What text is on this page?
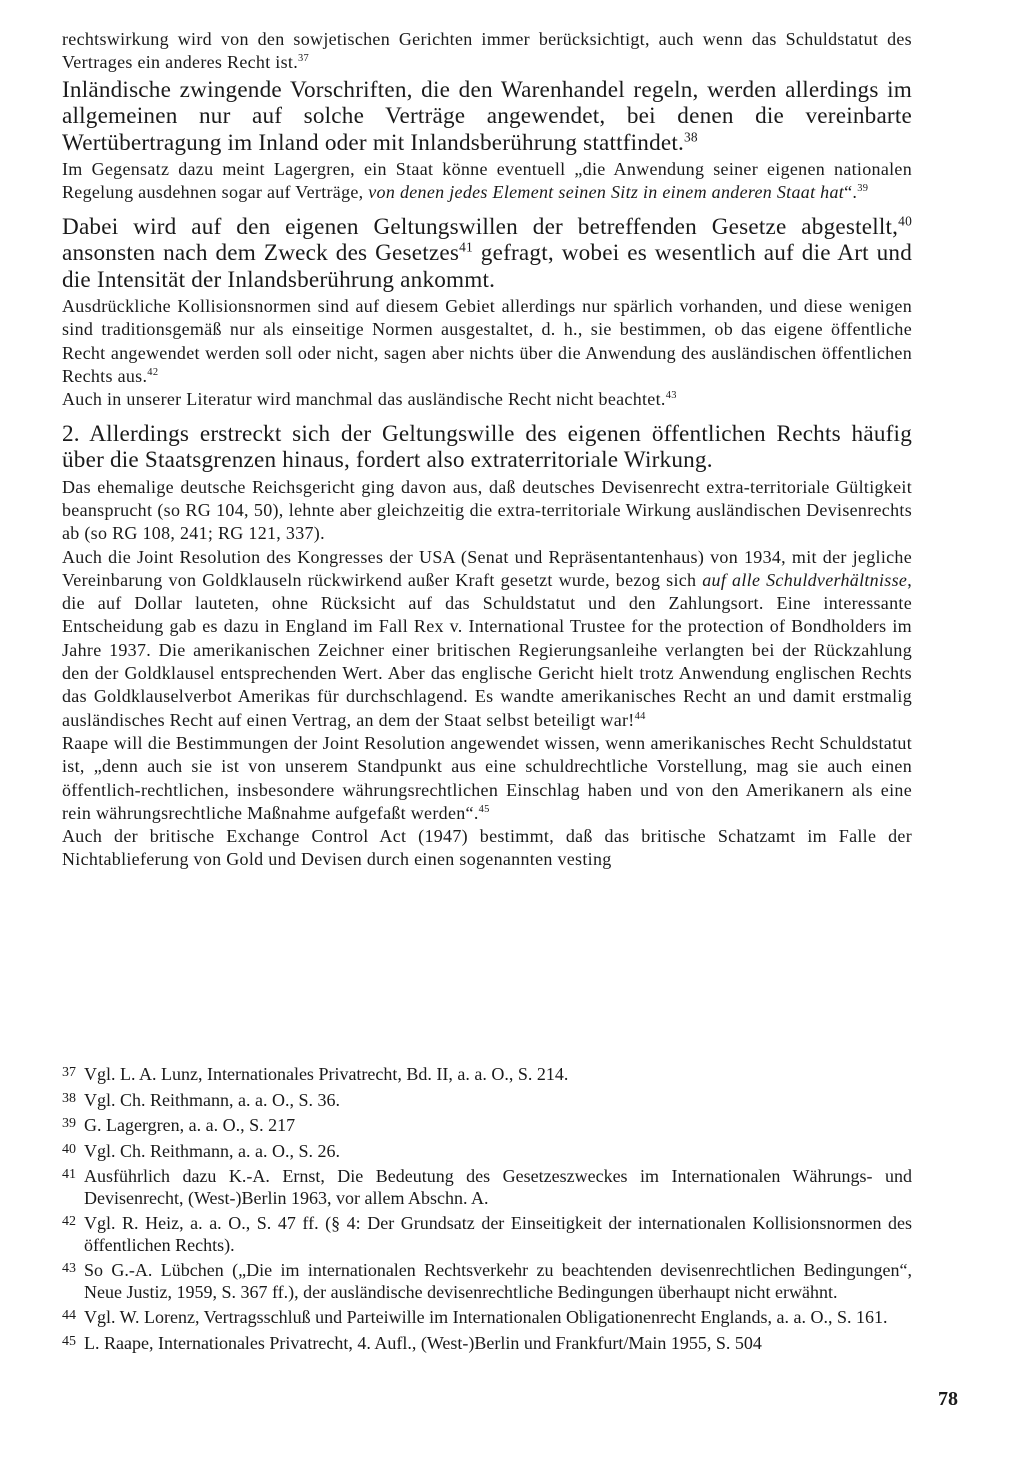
rechtswirkung wird von den sowjetischen Gerichten immer berücksichtigt, auch wenn das Schuldstatut des Vertrages ein anderes Recht ist.$^{37}$

Inländische zwingende Vorschriften, die den Warenhandel regeln, werden allerdings im allgemeinen nur auf solche Verträge angewendet, bei denen die vereinbarte Wertübertragung im Inland oder mit Inlandsberührung stattfindet.$^{38}$

Im Gegensatz dazu meint Lagergren, ein Staat könne eventuell „die Anwendung seiner eigenen nationalen Regelung ausdehnen sogar auf Verträge, von denen jedes Element seinen Sitz in einem anderen Staat hat“.$^{39}$

Dabei wird auf den eigenen Geltungswillen der betreffenden Gesetze abgestellt,$^{40}$ ansonsten nach dem Zweck des Gesetzes$^{41}$ gefragt, wobei es wesentlich auf die Art und die Intensität der Inlandsberührung ankommt.

Ausdrückliche Kollisionsnormen sind auf diesem Gebiet allerdings nur spärlich vorhanden, und diese wenigen sind traditionsgemäß nur als einseitige Normen ausgestaltet, d. h., sie bestimmen, ob das eigene öffentliche Recht angewendet werden soll oder nicht, sagen aber nichts über die Anwendung des ausländischen öffentlichen Rechts aus.$^{42}$

Auch in unserer Literatur wird manchmal das ausländische Recht nicht beachtet.$^{43}$

2. Allerdings erstreckt sich der Geltungswille des eigenen öffentlichen Rechts häufig über die Staatsgrenzen hinaus, fordert also extraterritoriale Wirkung.

Das ehemalige deutsche Reichsgericht ging davon aus, daß deutsches Devisenrecht extra-territoriale Gültigkeit beansprucht (so RG 104, 50), lehnte aber gleichzeitig die extra-territoriale Wirkung ausländischen Devisenrechts ab (so RG 108, 241; RG 121, 337).

Auch die Joint Resolution des Kongresses der USA (Senat und Repräsentantenhaus) von 1934, mit der jegliche Vereinbarung von Goldklauseln rückwirkend außer Kraft gesetzt wurde, bezog sich auf alle Schuldverhältnisse, die auf Dollar lauteten, ohne Rücksicht auf das Schuldstatut und den Zahlungsort. Eine interessante Entscheidung gab es dazu in England im Fall Rex v. International Trustee for the protection of Bondholders im Jahre 1937. Die amerikanischen Zeichner einer britischen Regierungsanleihe verlangten bei der Rückzahlung den der Goldklausel entsprechenden Wert. Aber das englische Gericht hielt trotz Anwendung englischen Rechts das Goldklauselverbot Amerikas für durchschlagend. Es wandte amerikanisches Recht an und damit erstmalig ausländisches Recht auf einen Vertrag, an dem der Staat selbst beteiligt war!$^{44}$

Raape will die Bestimmungen der Joint Resolution angewendet wissen, wenn amerikanisches Recht Schuldstatut ist, „denn auch sie ist von unserem Standpunkt aus eine schuldrechtliche Vorstellung, mag sie auch einen öffentlich-rechtlichen, insbesondere währungsrechtlichen Einschlag haben und von den Amerikanern als eine rein währungsrechtliche Maßnahme aufgefaßt werden“.$^{45}$

Auch der britische Exchange Control Act (1947) bestimmt, daß das britische Schatzamt im Falle der Nichtablieferung von Gold und Devisen durch einen sogenannten vesting

37 Vgl. L. A. Lunz, Internationales Privatrecht, Bd. II, a. a. O., S. 214.
38 Vgl. Ch. Reithmann, a. a. O., S. 36.
39 G. Lagergren, a. a. O., S. 217
40 Vgl. Ch. Reithmann, a. a. O., S. 26.
41 Ausführlich dazu K.-A. Ernst, Die Bedeutung des Gesetzeszweckes im Internationalen Währungs- und Devisenrecht, (West-)Berlin 1963, vor allem Abschn. A.
42 Vgl. R. Heiz, a. a. O., S. 47 ff. (§ 4: Der Grundsatz der Einseitigkeit der internationalen Kollisionsnormen des öffentlichen Rechts).
43 So G.-A. Lübchen („Die im internationalen Rechtsverkehr zu beachtenden devisenrechtlichen Bedingungen“, Neue Justiz, 1959, S. 367 ff.), der ausländische devisenrechtliche Bedingungen überhaupt nicht erwähnt.
44 Vgl. W. Lorenz, Vertragsschluß und Parteiwille im Internationalen Obligationenrecht Englands, a. a. O., S. 161.
45 L. Raape, Internationales Privatrecht, 4. Aufl., (West-)Berlin und Frankfurt/Main 1955, S. 504
78
